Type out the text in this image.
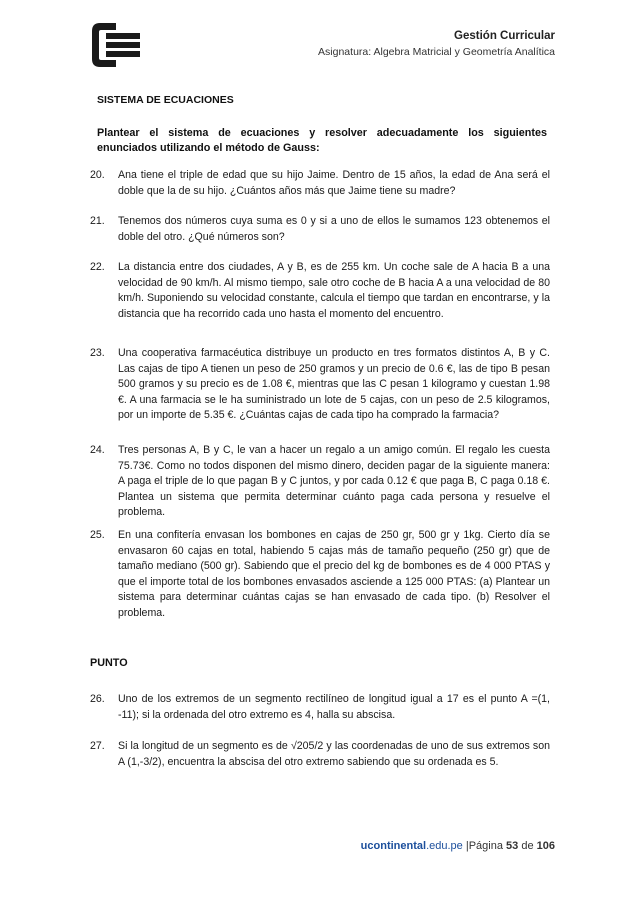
Gestión Curricular
Asignatura: Algebra Matricial y Geometría Analítica
SISTEMA DE ECUACIONES
Plantear el sistema de ecuaciones y resolver adecuadamente los siguientes enunciados utilizando el método de Gauss:
20. Ana tiene el triple de edad que su hijo Jaime. Dentro de 15 años, la edad de Ana será el doble que la de su hijo. ¿Cuántos años más que Jaime tiene su madre?
21. Tenemos dos números cuya suma es 0 y si a uno de ellos le sumamos 123 obtenemos el doble del otro. ¿Qué números son?
22. La distancia entre dos ciudades, A y B, es de 255 km. Un coche sale de A hacia B a una velocidad de 90 km/h. Al mismo tiempo, sale otro coche de B hacia A a una velocidad de 80 km/h. Suponiendo su velocidad constante, calcula el tiempo que tardan en encontrarse, y la distancia que ha recorrido cada uno hasta el momento del encuentro.
23. Una cooperativa farmacéutica distribuye un producto en tres formatos distintos A, B y C. Las cajas de tipo A tienen un peso de 250 gramos y un precio de 0.6 €, las de tipo B pesan 500 gramos y su precio es de 1.08 €, mientras que las C pesan 1 kilogramo y cuestan 1.98 €. A una farmacia se le ha suministrado un lote de 5 cajas, con un peso de 2.5 kilogramos, por un importe de 5.35 €. ¿Cuántas cajas de cada tipo ha comprado la farmacia?
24. Tres personas A, B y C, le van a hacer un regalo a un amigo común. El regalo les cuesta 75.73€. Como no todos disponen del mismo dinero, deciden pagar de la siguiente manera: A paga el triple de lo que pagan B y C juntos, y por cada 0.12 € que paga B, C paga 0.18 €. Plantea un sistema que permita determinar cuánto paga cada persona y resuelve el problema.
25. En una confitería envasan los bombones en cajas de 250 gr, 500 gr y 1kg. Cierto día se envasaron 60 cajas en total, habiendo 5 cajas más de tamaño pequeño (250 gr) que de tamaño mediano (500 gr). Sabiendo que el precio del kg de bombones es de 4 000 PTAS y que el importe total de los bombones envasados asciende a 125 000 PTAS: (a) Plantear un sistema para determinar cuántas cajas se han envasado de cada tipo. (b) Resolver el problema.
PUNTO
26. Uno de los extremos de un segmento rectilíneo de longitud igual a 17 es el punto A =(1, -11); si la ordenada del otro extremo es 4, halla su abscisa.
27. Si la longitud de un segmento es de √205/2 y las coordenadas de uno de sus extremos son A (1,-3/2), encuentra la abscisa del otro extremo sabiendo que su ordenada es 5.
ucontinental.edu.pe |Página 53 de 106
